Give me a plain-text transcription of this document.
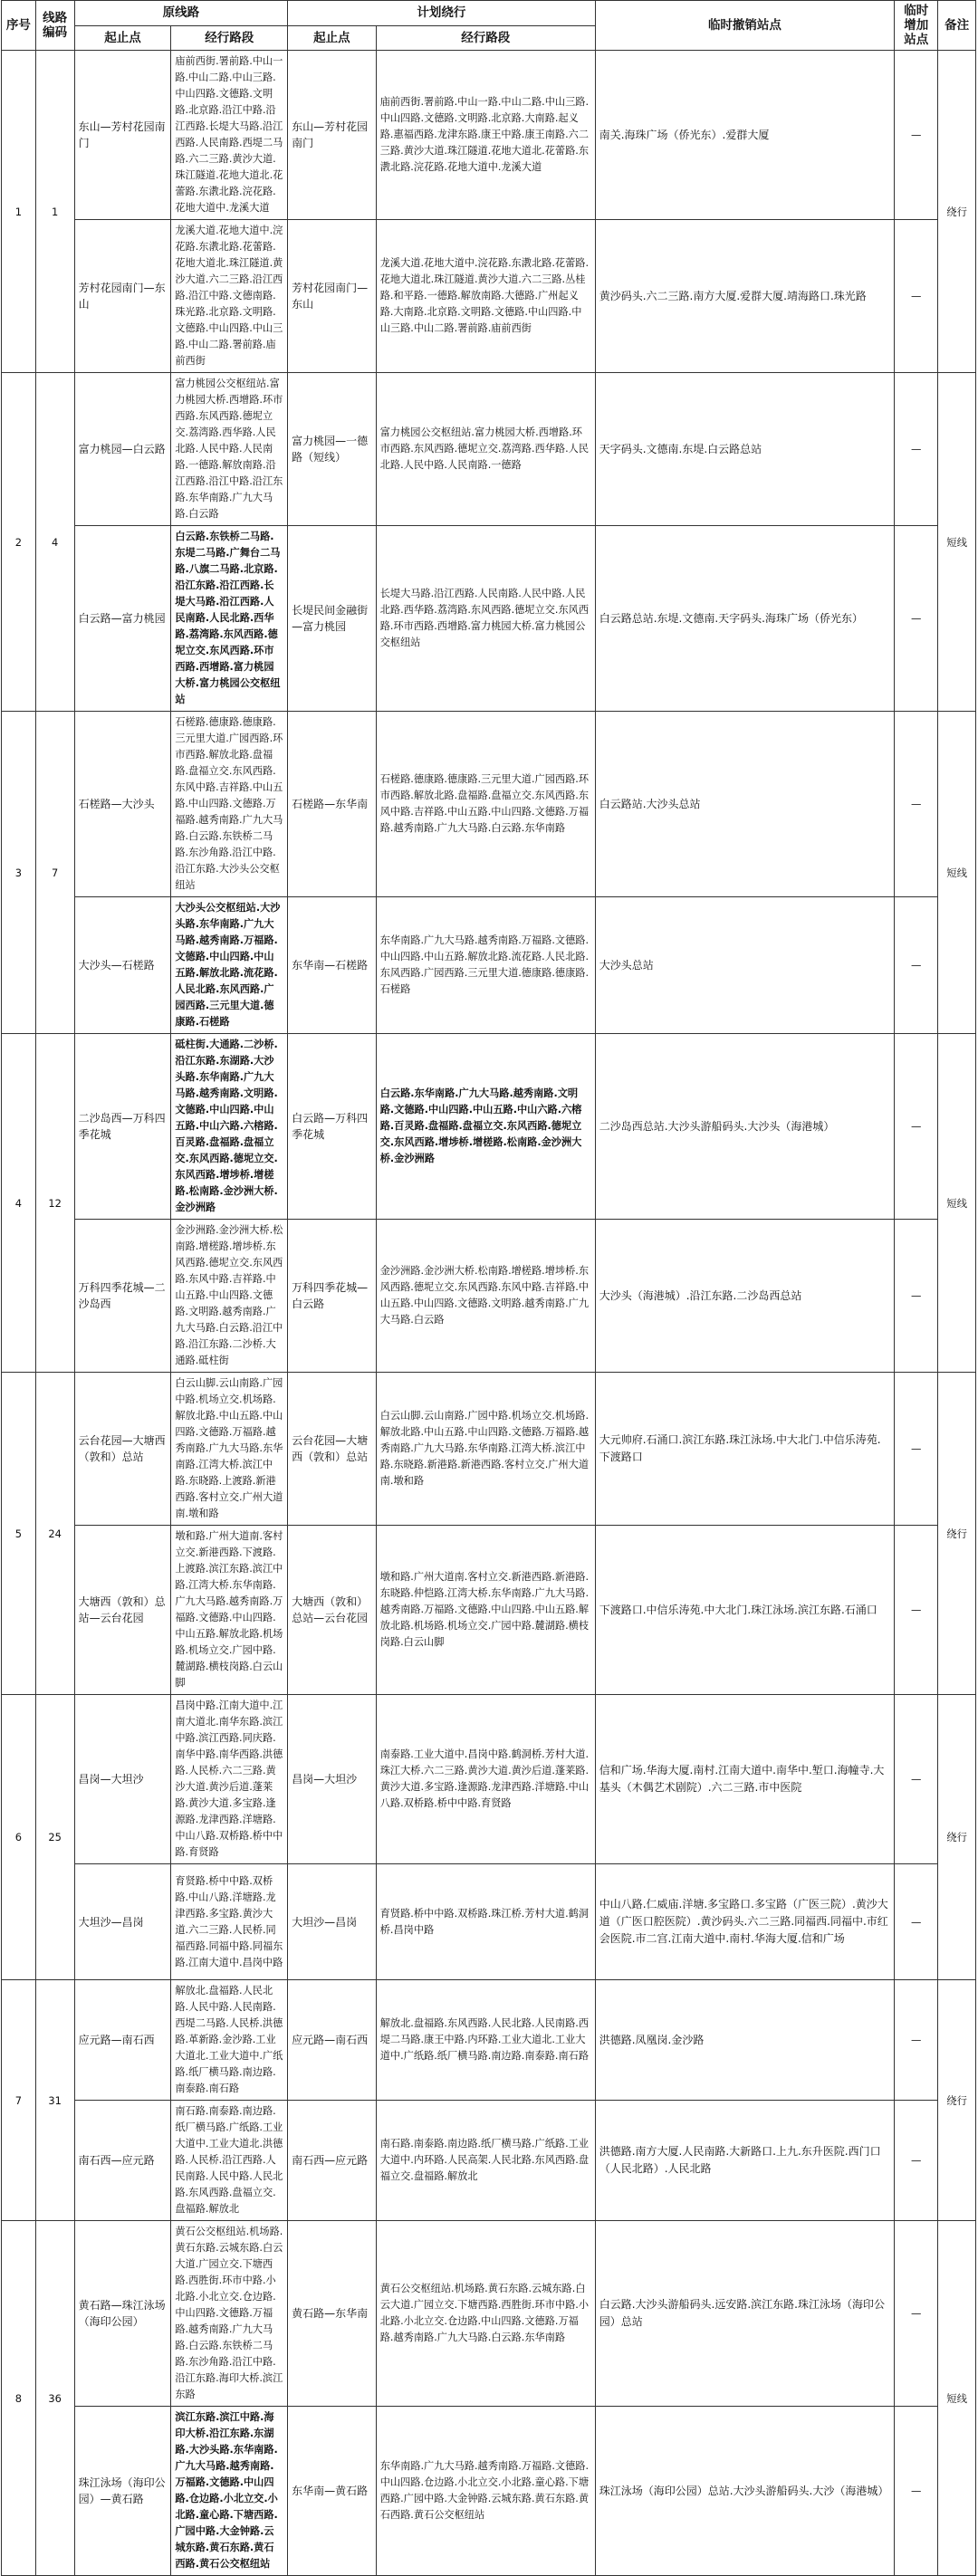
序号	线路编码	原线路		计划绕行		临时撤销站点	临时增加站点	备注
		起止点	经行路段	起止点	经行路段			
1	1	东山—芳村花园南门	庙前西街.署前路.中山一路.中山二路.中山三路.中山四路.文德路.文明路.北京路.沿江中路.沿江西路.长堤大马路.沿江西路.人民南路.西堤二马路.六二三路.黄沙大道.珠江隧道.花地大道北.花蕾路.东漖北路.浣花路.花地大道中.龙溪大道	东山—芳村花园南门	庙前西街.署前路.中山一路.中山二路.中山三路.中山四路.文德路.文明路.北京路.大南路.起义路.惠福西路.龙津东路.康王中路.康王南路.六二三路.黄沙大道.珠江隧道.花地大道北.花蕾路.东漖北路.浣花路.花地大道中.龙溪大道	南关.海珠广场（侨光东）.爱群大厦	—	绕行
		芳村花园南门—东山	龙溪大道.花地大道中.浣花路.东漖北路.花蕾路.花地大道北.珠江隧道.黄沙大道.六二三路.沿江西路.沿江中路.文德南路.珠光路.北京路.文明路.文德路.中山四路.中山三路.中山二路.署前路.庙前西街	芳村花园南门—东山	龙溪大道.花地大道中.浣花路.东漖北路.花蕾路.花地大道北.珠江隧道.黄沙大道.六二三路.丛桂路.和平路.一德路.解放南路.大德路.广州起义路.大南路.北京路.文明路.文德路.中山四路.中山三路.中山二路.署前路.庙前西街	黄沙码头.六二三路.南方大厦.爱群大厦.靖海路口.珠光路	—	
2	4	富力桃园—白云路	富力桃园公交枢纽站.富力桃园大桥.西增路.环市西路.东风西路.德坭立交.荔湾路.西华路.人民北路.人民中路.人民南路.一德路.解放南路.沿江西路.沿江中路.沿江东路.东华南路.广九大马路.白云路	富力桃园—一德路（短线）	富力桃园公交枢纽站.富力桃园大桥.西增路.环市西路.东风西路.德坭立交.荔湾路.西华路.人民北路.人民中路.人民南路.一德路	天字码头.文德南.东堤.白云路总站	—	短线
		白云路—富力桃园	白云路.东铁桥二马路.东堤二马路.广舞台二马路.八旗二马路.北京路.沿江东路.沿江西路.长堤大马路.沿江西路.人民南路.人民北路.西华路.荔湾路.东风西路.德坭立交.东风西路.环市西路.西增路.富力桃园大桥.富力桃园公交枢纽站	长堤民间金融街—富力桃园	长堤大马路.沿江西路.人民南路.人民中路.人民北路.西华路.荔湾路.东风西路.德坭立交.东风西路.环市西路.西增路.富力桃园大桥.富力桃园公交枢纽站	白云路总站.东堤.文德南.天字码头.海珠广场（侨光东）	—	
3	7	石槎路—大沙头	石槎路.德康路.德康路.三元里大道.广园西路.环市西路.解放北路.盘福路.盘福立交.东风西路.东风中路.吉祥路.中山五路.中山四路.文德路.万福路.越秀南路.广九大马路.白云路.东铁桥二马路.东沙角路.沿江中路.沿江东路.大沙头公交枢纽站	石槎路—东华南	石槎路.德康路.德康路.三元里大道.广园西路.环市西路.解放北路.盘福路.盘福立交.东风西路.东风中路.吉祥路.中山五路.中山四路.文德路.万福路.越秀南路.广九大马路.白云路.东华南路	白云路站.大沙头总站	—	短线
		大沙头—石槎路	大沙头公交枢纽站.大沙头路.东华南路.广九大马路.越秀南路.万福路.文德路.中山四路.中山五路.解放北路.流花路.人民北路.东风西路.广园西路.三元里大道.德康路.石槎路	东华南—石槎路	东华南路.广九大马路.越秀南路.万福路.文德路.中山四路.中山五路.解放北路.流花路.人民北路.东风西路.广园西路.三元里大道.德康路.德康路.石槎路	大沙头总站	—	
4	12	二沙岛西—万科四季花城	砥柱街.大通路.二沙桥.沿江东路.东湖路.大沙头路.东华南路.广九大马路.越秀南路.文明路.文德路.中山四路.中山五路.中山六路.六榕路.百灵路.盘福路.盘福立交.东风西路.德坭立交.东风西路.增埗桥.增槎路.松南路.金沙洲大桥.金沙洲路	白云路—万科四季花城	白云路.东华南路.广九大马路.越秀南路.文明路.文德路.中山四路.中山五路.中山六路.六榕路.百灵路.盘福路.盘福立交.东风西路.德坭立交.东风西路.增埗桥.增槎路.松南路.金沙洲大桥.金沙洲路	二沙岛西总站.大沙头游船码头.大沙头（海港城）	—	短线
		万科四季花城—二沙岛西	金沙洲路.金沙洲大桥.松南路.增槎路.增埗桥.东风西路.德坭立交.东风西路.东风中路.吉祥路.中山五路.中山四路.文德路.文明路.越秀南路.广九大马路.白云路.沿江中路.沿江东路.二沙桥.大通路.砥柱街	万科四季花城—白云路	金沙洲路.金沙洲大桥.松南路.增槎路.增埗桥.东风西路.德坭立交.东风西路.东风中路.吉祥路.中山五路.中山四路.文德路.文明路.越秀南路.广九大马路.白云路	大沙头（海港城）.沿江东路.二沙岛西总站	—	
5	24	云台花园—大塘西（敦和）总站	白云山脚.云山南路.广园中路.机场立交.机场路.解放北路.中山五路.中山四路.文德路.万福路.越秀南路.广九大马路.东华南路.江湾大桥.滨江中路.东晓路.上渡路.新港西路.客村立交.广州大道南.墩和路	云台花园—大塘西（敦和）总站	白云山脚.云山南路.广园中路.机场立交.机场路.解放北路.中山五路.中山四路.文德路.万福路.越秀南路.广九大马路.东华南路.江湾大桥.滨江中路.东晓路.新港路.新港西路.客村立交.广州大道南.墩和路	大元帅府.石涌口.滨江东路.珠江泳场.中大北门.中信乐涛苑.下渡路口	—	绕行
		大塘西（敦和）总站—云台花园	墩和路.广州大道南.客村立交.新港西路.下渡路.上渡路.滨江东路.滨江中路.江湾大桥.东华南路.广九大马路.越秀南路.万福路.文德路.中山四路.中山五路.解放北路.机场路.机场立交.广园中路.麓湖路.横枝岗路.白云山脚	大塘西（敦和）总站—云台花园	墩和路.广州大道南.客村立交.新港西路.新港路.东晓路.仲恺路.江湾大桥.东华南路.广九大马路.越秀南路.万福路.文德路.中山四路.中山五路.解放北路.机场路.机场立交.广园中路.麓湖路.横枝岗路.白云山脚	下渡路口.中信乐涛苑.中大北门.珠江泳场.滨江东路.石涌口	—	
6	25	昌岗—大坦沙	昌岗中路.江南大道中.江南大道北.南华东路.滨江中路.滨江西路.同庆路.南华中路.南华西路.洪德路.人民桥.六二三路.黄沙大道.黄沙后道.蓬莱路.黄沙大道.多宝路.逢源路.龙津西路.洋塘路.中山八路.双桥路.桥中中路.育贤路	昌岗—大坦沙	南泰路.工业大道中.昌岗中路.鹤洞桥.芳村大道.珠江大桥.六二三路.黄沙大道.黄沙后道.蓬莱路.黄沙大道.多宝路.逢源路.龙津西路.洋塘路.中山八路.双桥路.桥中中路.育贤路	信和广场.华海大厦.南村.江南大道中.南华中.堑口.海幢寺.大基头（木偶艺术剧院）.六二三路.市中医院	—	绕行
		大坦沙—昌岗	育贤路.桥中中路.双桥路.中山八路.洋塘路.龙津西路.多宝路.黄沙大道.六二三路.人民桥.同福西路.同福中路.同福东路.江南大道中.昌岗中路	大坦沙—昌岗	育贤路.桥中中路.双桥路.珠江桥.芳村大道.鹤洞桥.昌岗中路	中山八路.仁威庙.洋塘.多宝路口.多宝路（广医三院）.黄沙大道（广医口腔医院）.黄沙码头.六二三路.同福西.同福中.市红会医院.市二宫.江南大道中.南村.华海大厦.信和广场	—	
7	31	应元路—南石西	解放北.盘福路.人民北路.人民中路.人民南路.西堤二马路.人民桥.洪德路.革新路.金沙路.工业大道北.工业大道中.广纸路.纸厂横马路.南边路.南泰路.南石路	应元路—南石西	解放北.盘福路.东风西路.人民北路.人民南路.西堤二马路.康王中路.内环路.工业大道北.工业大道中.广纸路.纸厂横马路.南边路.南泰路.南石路	洪德路.凤凰岗.金沙路	—	绕行
		南石西—应元路	南石路.南泰路.南边路.纸厂横马路.广纸路.工业大道中.工业大道北.洪德路.人民桥.沿江西路.人民南路.人民中路.人民北路.东风西路.盘福立交.盘福路.解放北	南石西—应元路	南石路.南泰路.南边路.纸厂横马路.广纸路.工业大道中.内环路.人民高架.人民北路.东风西路.盘福立交.盘福路.解放北	洪德路.南方大厦.人民南路.大新路口.上九.东升医院.西门口（人民北路）.人民北路	—	
8	36	黄石路—珠江泳场（海印公园）	黄石公交枢纽站.机场路.黄石东路.云城东路.白云大道.广园立交.下塘西路.西胜街.环市中路.小北路.小北立交.仓边路.中山四路.文德路.万福路.越秀南路.广九大马路.白云路.东铁桥二马路.东沙角路.沿江中路.沿江东路.海印大桥.滨江东路	黄石路—东华南	黄石公交枢纽站.机场路.黄石东路.云城东路.白云大道.广园立交.下塘西路.西胜街.环市中路.小北路.小北立交.仓边路.中山四路.文德路.万福路.越秀南路.广九大马路.白云路.东华南路	白云路.大沙头游船码头.远安路.滨江东路.珠江泳场（海印公园）总站	—	短线
		珠江泳场（海印公园）—黄石路	滨江东路.滨江中路.海印大桥.沿江东路.东湖路.大沙头路.东华南路.广九大马路.越秀南路.万福路.文德路.中山四路.仓边路.小北立交.小北路.童心路.下塘西路.广园中路.大金钟路.云城东路.黄石东路.黄石西路.黄石公交枢纽站	东华南—黄石路	东华南路.广九大马路.越秀南路.万福路.文德路.中山四路.仓边路.小北立交.小北路.童心路.下塘西路.广园中路.大金钟路.云城东路.黄石东路.黄石西路.黄石公交枢纽站	珠江泳场（海印公园）总站.大沙头游船码头.大沙（海港城）	—	
